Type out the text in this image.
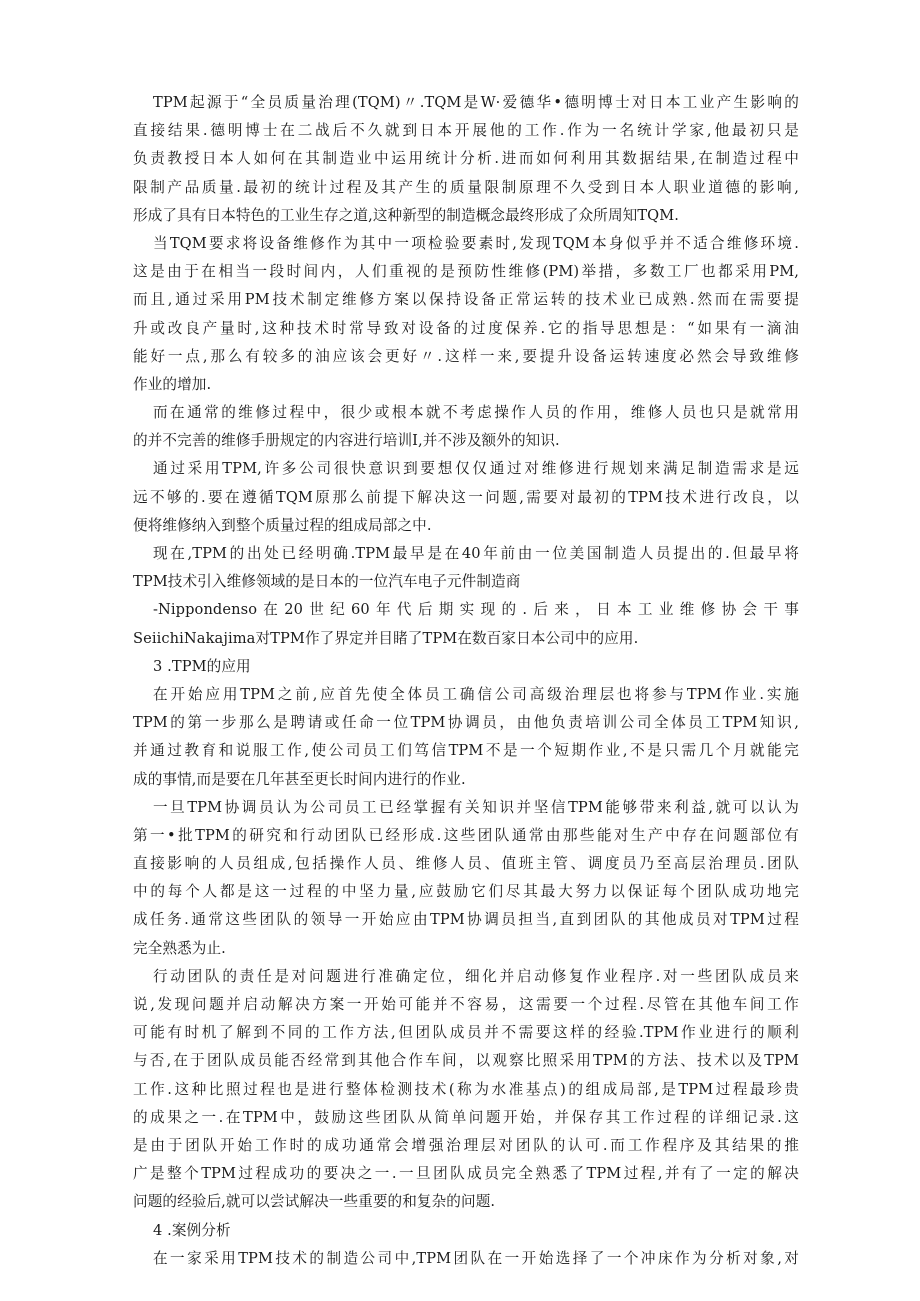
TPM起源于“全员质量治理(TQM)〃.TQM是W·爱德华•德明博士对日本工业产生影响的
直接结果.德明博士在二战后不久就到日本开展他的工作.作为一名统计学家,他最初只是
负责教授日本人如何在其制造业中运用统计分析.进而如何利用其数据结果,在制造过程中
限制产品质量.最初的统计过程及其产生的质量限制原理不久受到日本人职业道德的影响,
形成了具有日本特色的工业生存之道,这种新型的制造概念最终形成了众所周知TQM.
当TQM要求将设备维修作为其中一项检验要素时,发现TQM本身似乎并不适合维修环境.
这是由于在相当一段时间内，人们重视的是预防性维修(PM)举措，多数工厂也都采用PM,
而且,通过采用PM技术制定维修方案以保持设备正常运转的技术业已成熟.然而在需要提
升或改良产量时,这种技术时常导致对设备的过度保养.它的指导思想是：“如果有一滴油
能好一点,那么有较多的油应该会更好〃.这样一来,要提升设备运转速度必然会导致维修
作业的增加.
而在通常的维修过程中，很少或根本就不考虑操作人员的作用，维修人员也只是就常用
的并不完善的维修手册规定的内容进行培训I,并不涉及额外的知识.
通过采用TPM,许多公司很快意识到要想仅仅通过对维修进行规划来满足制造需求是远
远不够的.要在遵循TQM原那么前提下解决这一问题,需要对最初的TPM技术进行改良，以
便将维修纳入到整个质量过程的组成局部之中.
现在,TPM的出处已经明确.TPM最早是在40年前由一位美国制造人员提出的.但最早将
TPM技术引入维修领域的是日本的一位汽车电子元件制造商
-Nippondenso在20世纪60年代后期实现的.后来，日本工业维修协会干事
SeiichiNakajima对TPM作了界定并目睹了TPM在数百家日本公司中的应用.
3 .TPM的应用
在开始应用TPM之前,应首先使全体员工确信公司高级治理层也将参与TPM作业.实施
TPM的第一步那么是聘请或任命一位TPM协调员，由他负责培训公司全体员工TPM知识,
并通过教育和说服工作,使公司员工们笃信TPM不是一个短期作业,不是只需几个月就能完
成的事情,而是要在几年甚至更长时间内进行的作业.
一旦TPM协调员认为公司员工已经掌握有关知识并坚信TPM能够带来利益,就可以认为
第一•批TPM的研究和行动团队已经形成.这些团队通常由那些能对生产中存在问题部位有
直接影响的人员组成,包括操作人员、维修人员、值班主管、调度员乃至高层治理员.团队
中的每个人都是这一过程的中坚力量,应鼓励它们尽其最大努力以保证每个团队成功地完
成任务.通常这些团队的领导一开始应由TPM协调员担当,直到团队的其他成员对TPM过程
完全熟悉为止.
行动团队的责任是对问题进行准确定位，细化并启动修复作业程序.对一些团队成员来
说,发现问题并启动解决方案一开始可能并不容易，这需要一个过程.尽管在其他车间工作
可能有时机了解到不同的工作方法,但团队成员并不需要这样的经验.TPM作业进行的顺利
与否,在于团队成员能否经常到其他合作车间，以观察比照采用TPM的方法、技术以及TPM
工作.这种比照过程也是进行整体检测技术(称为水准基点)的组成局部,是TPM过程最珍贵
的成果之一.在TPM中，鼓励这些团队从简单问题开始，并保存其工作过程的详细记录.这
是由于团队开始工作时的成功通常会增强治理层对团队的认可.而工作程序及其结果的推
广是整个TPM过程成功的要决之一.一旦团队成员完全熟悉了TPM过程,并有了一定的解决
问题的经验后,就可以尝试解决一些重要的和复杂的问题.
4 .案例分析
在一家采用TPM技术的制造公司中,TPM团队在一开始选择了一个冲床作为分析对象,对
